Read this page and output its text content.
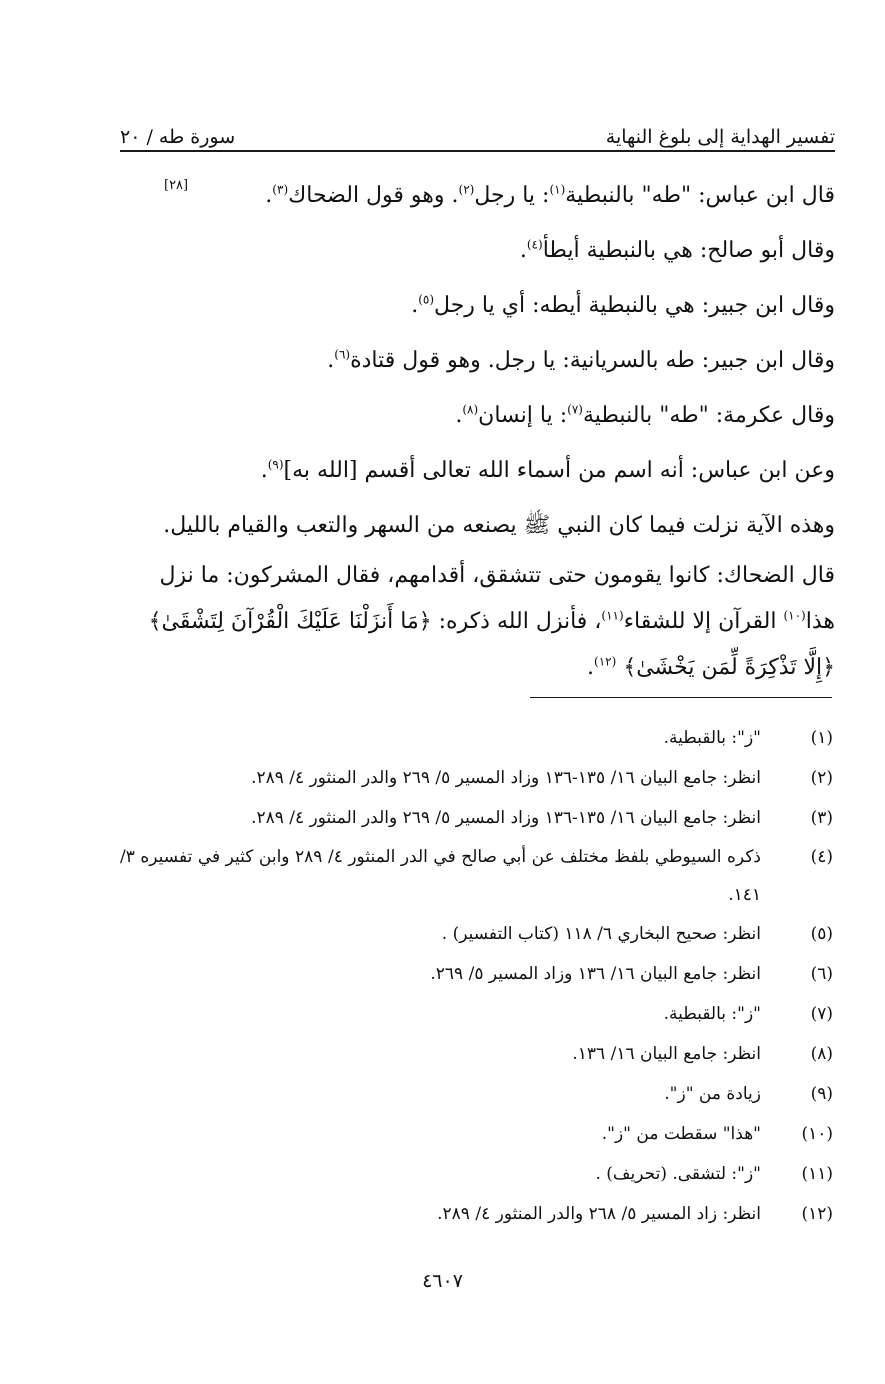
تفسير الهداية إلى بلوغ النهاية
سورة طه / ٢٠
[٢٨]	قال ابن عباس: "طه" بالنبطية$^{(١)}$: يا رجل$^{(٢)}$. وهو قول الضحاك$^{(٣)}$.

وقال أبو صالح: هي بالنبطية أيطأ$^{(٤)}$.

وقال ابن جبير: هي بالنبطية أيطه: أي يا رجل$^{(٥)}$.

وقال ابن جبير: طه بالسريانية: يا رجل. وهو قول قتادة$^{(٦)}$.

وقال عكرمة: "طه" بالنبطية$^{(٧)}$: يا إنسان$^{(٨)}$.

وعن ابن عباس: أنه اسم من أسماء الله تعالى أقسم [الله به]$^{(٩)}$.

وهذه الآية نزلت فيما كان النبي ﷺ يصنعه من السهر والتعب والقيام بالليل.

قال الضحاك: كانوا يقومون حتى تتشقق، أقدامهم، فقال المشركون: ما نزل
هذا$^{(١٠)}$ القرآن إلا للشقاء$^{(١١)}$، فأنزل الله ذكره: ﴿مَا أَنزَلْنَا عَلَيْكَ الْقُرْآنَ لِتَشْقَىٰ﴾
﴿إِلَّا تَذْكِرَةً لِّمَن يَخْشَىٰ﴾ $^{(١٢)}$.

(١)
"ز": بالقبطية.
(٢)
انظر: جامع البيان ١٦/ ١٣٥-١٣٦ وزاد المسير ٥/ ٢٦٩ والدر المنثور ٤/ ٢٨٩.
(٣)
انظر: جامع البيان ١٦/ ١٣٥-١٣٦ وزاد المسير ٥/ ٢٦٩ والدر المنثور ٤/ ٢٨٩.
(٤)
ذكره السيوطي بلفظ مختلف عن أبي صالح في الدر المنثور ٤/ ٢٨٩ وابن كثير في تفسيره ٣/ ١٤١.
(٥)
انظر: صحيح البخاري ٦/ ١١٨ (كتاب التفسير) .
(٦)
انظر: جامع البيان ١٦/ ١٣٦ وزاد المسير ٥/ ٢٦٩.
(٧)
"ز": بالقبطية.
(٨)
انظر: جامع البيان ١٦/ ١٣٦.
(٩)
زيادة من "ز".
(١٠)
"هذا" سقطت من "ز".
(١١)
"ز": لتشقى. (تحريف) .
(١٢)
انظر: زاد المسير ٥/ ٢٦٨ والدر المنثور ٤/ ٢٨٩.
٤٦٠٧
